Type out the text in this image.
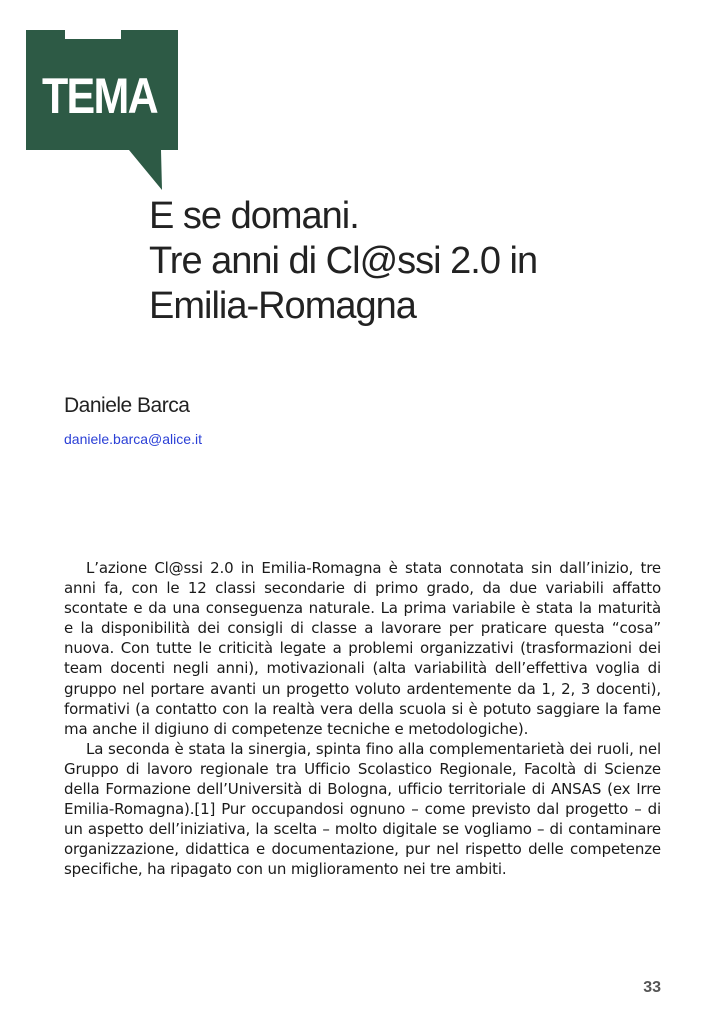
TEMA
E se domani.
Tre anni di Cl@ssi 2.0 in
Emilia-Romagna
Daniele Barca
daniele.barca@alice.it

L’azione Cl@ssi 2.0 in Emilia-Romagna è stata connotata sin dall’inizio, tre anni fa, con le 12 classi secondarie di primo grado, da due variabili affatto scontate e da una conseguenza naturale. La prima variabile è stata la maturità e la disponibilità dei consigli di classe a lavorare per praticare questa “cosa” nuova. Con tutte le criticità legate a problemi organizzativi (trasformazioni dei team docenti negli anni), motivazionali (alta variabilità dell’effettiva voglia di gruppo nel portare avanti un progetto voluto ardentemente da 1, 2, 3 docenti), formativi (a contatto con la realtà vera della scuola si è potuto saggiare la fame ma anche il digiuno di competenze tecniche e metodologiche).

La seconda è stata la sinergia, spinta fino alla complementarietà dei ruoli, nel Gruppo di lavoro regionale tra Ufficio Scolastico Regionale, Facoltà di Scienze della Formazione dell’Università di Bologna, ufficio territoriale di ANSAS (ex Irre Emilia-Romagna).[1] Pur occupandosi ognuno – come previsto dal progetto – di un aspetto dell’iniziativa, la scelta – molto digitale se vogliamo – di contaminare organizzazione, didattica e documentazione, pur nel rispetto delle competenze specifiche, ha ripagato con un miglioramento nei tre ambiti.

33
